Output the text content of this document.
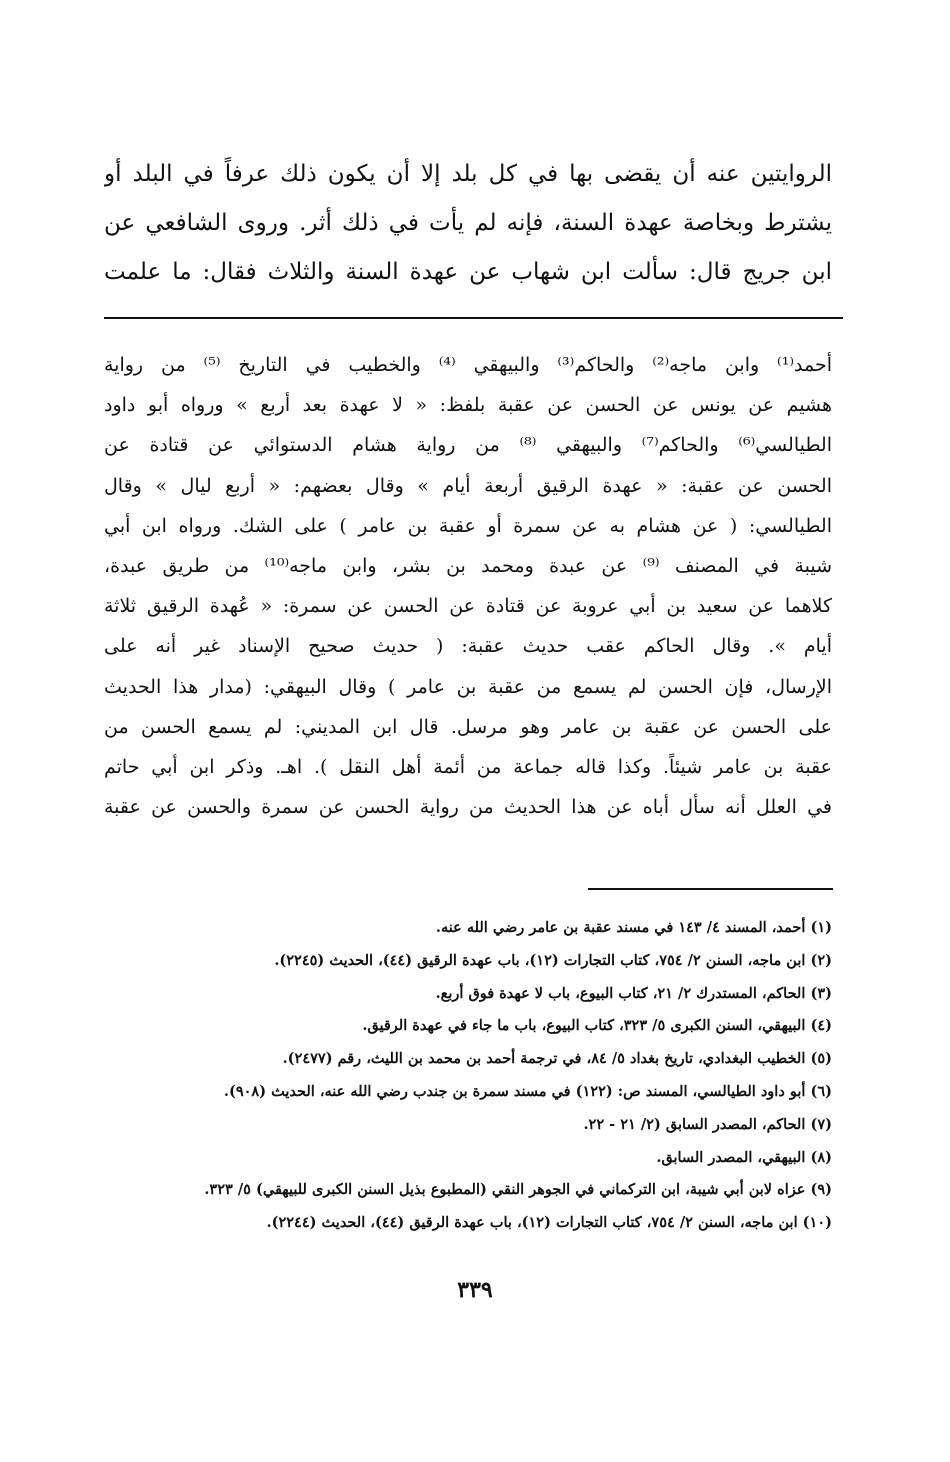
الروايتين عنه أن يقضى بها في كل بلد إلا أن يكون ذلك عرفاً في البلد أو
يشترط وبخاصة عهدة السنة، فإنه لم يأت في ذلك أثر. وروى الشافعي عن
ابن جريج قال: سألت ابن شهاب عن عهدة السنة والثلاث فقال: ما علمت
أحمد⁽¹⁾ وابن ماجه⁽²⁾ والحاكم⁽³⁾ والبيهقي ⁽⁴⁾ والخطيب في التاريخ ⁽⁵⁾ من رواية
هشيم عن يونس عن الحسن عن عقبة بلفظ: « لا عهدة بعد أربع » ورواه أبو داود
الطيالسي⁽⁶⁾ والحاكم⁽⁷⁾ والبيهقي ⁽⁸⁾ من رواية هشام الدستوائي عن قتادة عن
الحسن عن عقبة: « عهدة الرقيق أربعة أيام » وقال بعضهم: « أربع ليال » وقال
الطيالسي: ( عن هشام به عن سمرة أو عقبة بن عامر ) على الشك. ورواه ابن أبي
شيبة في المصنف ⁽⁹⁾ عن عبدة ومحمد بن بشر، وابن ماجه⁽¹⁰⁾ من طريق عبدة،
كلاهما عن سعيد بن أبي عروبة عن قتادة عن الحسن عن سمرة: « عُهدة الرقيق ثلاثة
أيام ». وقال الحاكم عقب حديث عقبة: ( حديث صحيح الإسناد غير أنه على
الإرسال، فإن الحسن لم يسمع من عقبة بن عامر ) وقال البيهقي: (مدار هذا الحديث
على الحسن عن عقبة بن عامر وهو مرسل. قال ابن المديني: لم يسمع الحسن من
عقبة بن عامر شيئاً. وكذا قاله جماعة من أئمة أهل النقل ). اهـ. وذكر ابن أبي حاتم
في العلل أنه سأل أباه عن هذا الحديث من رواية الحسن عن سمرة والحسن عن عقبة
(١) أحمد، المسند ٤/ ١٤٣ في مسند عقبة بن عامر رضي الله عنه.
(٢) ابن ماجه، السنن ٢/ ٧٥٤، كتاب التجارات (١٢)، باب عهدة الرقيق (٤٤)، الحديث (٢٢٤٥).
(٣) الحاكم، المستدرك ٢/ ٢١، كتاب البيوع، باب لا عهدة فوق أربع.
(٤) البيهقي، السنن الكبرى ٥/ ٣٢٣، كتاب البيوع، باب ما جاء في عهدة الرقيق.
(٥) الخطيب البغدادي، تاريخ بغداد ٥/ ٨٤، في ترجمة أحمد بن محمد بن الليث، رقم (٢٤٧٧).
(٦) أبو داود الطيالسي، المسند ص: (١٢٢) في مسند سمرة بن جندب رضي الله عنه، الحديث (٩٠٨).
(٧) الحاكم، المصدر السابق (٢/ ٢١ - ٢٢.
(٨) البيهقي، المصدر السابق.
(٩) عزاه لابن أبي شيبة، ابن التركماني في الجوهر النقي (المطبوع بذيل السنن الكبرى للبيهقي) ٥/ ٣٢٣.
(١٠) ابن ماجه، السنن ٢/ ٧٥٤، كتاب التجارات (١٢)، باب عهدة الرقيق (٤٤)، الحديث (٢٢٤٤).
٣٣٩
